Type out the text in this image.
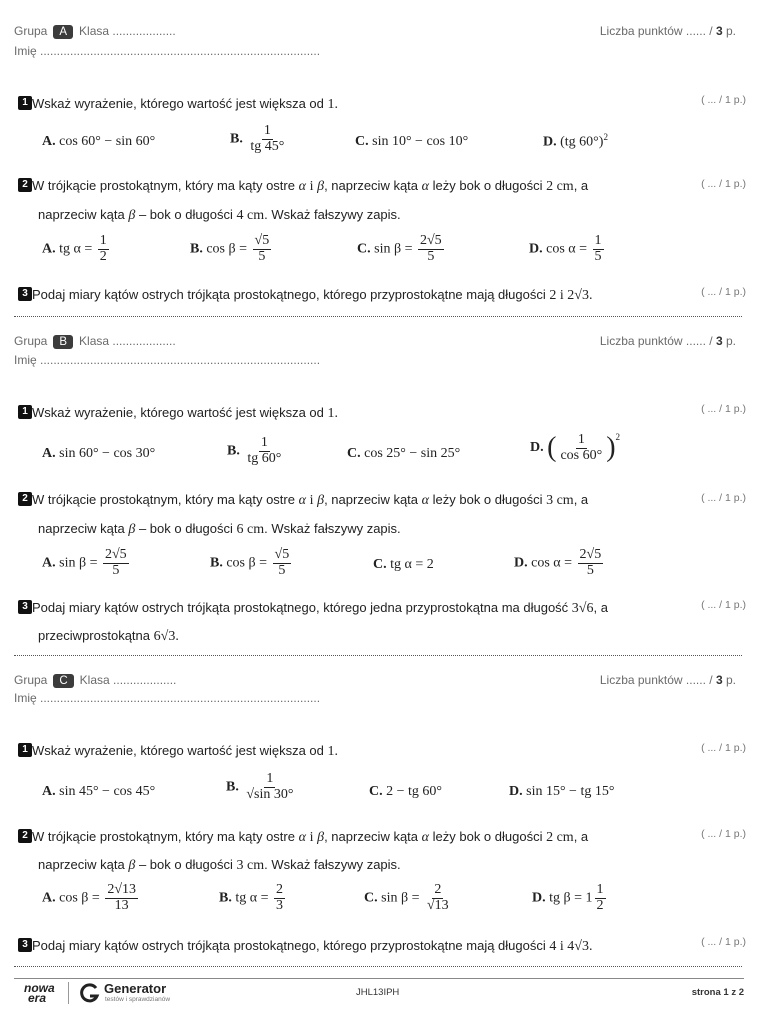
Grupa A Klasa ...................
Imię ....................................................................................
Liczba punktów ...... / 3 p.
1 Wskaż wyrażenie, którego wartość jest większa od 1.	( ... / 1 p.)
A. cos 60° − sin 60°	B. $\frac{1}{tg 45^\circ}$	C. sin 10° − cos 10°	D. (tg 60°)$^2$
2 W trójkącie prostokątnym, który ma kąty ostre α i β, naprzeciw kąta α leży bok o długości 2 cm, a
naprzeciw kąta β – bok o długości 4 cm. Wskaż fałszywy zapis.
( ... / 1 p.)
A. tg $\alpha = \frac{1}{2}$	B. $\cos \beta = \frac{√5}{5}$	C. $\sin \beta = \frac{2√5}{5}$	D. $\cos \alpha = \frac{1}{5}$
3 Podaj miary kątów ostrych trójkąta prostokątnego, którego przyprostokątne mają długości 2 i 2√3.	( ... / 1 p.)
Grupa B Klasa ...................
Imię ....................................................................................
Liczba punktów ...... / 3 p.
1 Wskaż wyrażenie, którego wartość jest większa od 1.	( ... / 1 p.)
A. sin 60° − cos 30°	B. $\frac{1}{tg 60^\circ}$	C. cos 25° − sin 25°	D. ( $\frac{1}{\cos 60^\circ} )^2$
2 W trójkącie prostokątnym, który ma kąty ostre α i β, naprzeciw kąta α leży bok o długości 3 cm, a
naprzeciw kąta β – bok o długości 6 cm. Wskaż fałszywy zapis.
( ... / 1 p.)
A. $\sin \beta = \frac{2√5}{5}$	B. $\cos \beta = \frac{√5}{5}$	C. tg α = 2	D. $\cos \alpha = \frac{2√5}{5}$
3 Podaj miary kątów ostrych trójkąta prostokątnego, którego jedna przyprostokątna ma długość 3√6, a
przeciwprostokątna 6√3.
( ... / 1 p.)
Grupa C Klasa ...................
Imię ....................................................................................
Liczba punktów ...... / 3 p.
1 Wskaż wyrażenie, którego wartość jest większa od 1.	( ... / 1 p.)
A. sin 45° − cos 45°	B. $\frac{1}{√\sin 30^\circ}$	C. 2 − tg 60°	D. sin 15° − tg 15°
2 W trójkącie prostokątnym, który ma kąty ostre α i β, naprzeciw kąta α leży bok o długości 2 cm, a
naprzeciw kąta β – bok o długości 3 cm. Wskaż fałszywy zapis.
( ... / 1 p.)
A. $\cos \beta = \frac{2√13}{13}$	B. tg $\alpha = \frac{2}{3}$	C. $\sin \beta = \frac{2}{√13}$	D. tg $\beta = 1 \frac{1}{2}$
3 Podaj miary kątów ostrych trójkąta prostokątnego, którego przyprostokątne mają długości 4 i 4√3.	( ... / 1 p.)
nowa
era
Generator
testów i sprawdzianów
JHL13IPH	strona 1 z 2
